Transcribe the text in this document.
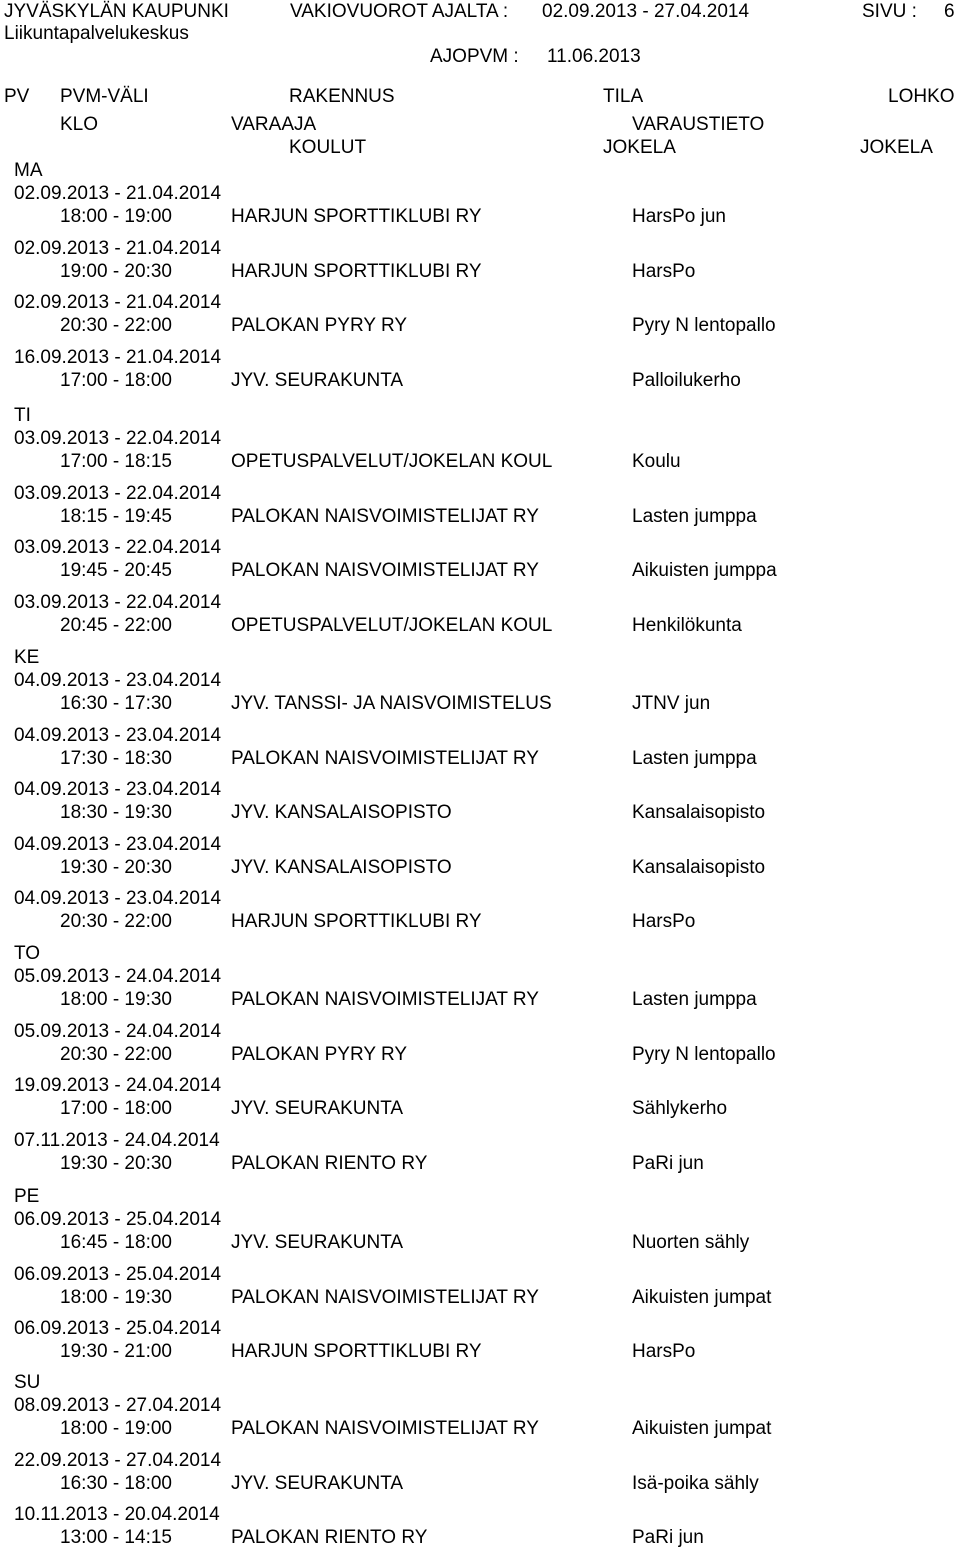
JYVÄSKYLÄN KAUPUNKI
Liikuntapalvelukeskus
VAKIOVUOROT AJALTA : 02.09.2013 - 27.04.2014	SIVU : 6
AJOPVM : 11.06.2013
PV PVM-VÄLI	RAKENNUS	TILA	LOHKO
KLO	VARAAJA	VARAUSTIETO
KOULUT	JOKELA	JOKELA
MA
02.09.2013 - 21.04.2014
18:00 - 19:00	HARJUN SPORTTIKLUBI RY	HarsPo jun
02.09.2013 - 21.04.2014
19:00 - 20:30	HARJUN SPORTTIKLUBI RY	HarsPo
02.09.2013 - 21.04.2014
20:30 - 22:00	PALOKAN PYRY RY	Pyry N lentopallo
16.09.2013 - 21.04.2014
17:00 - 18:00	JYV. SEURAKUNTA	Palloilukerho
TI
03.09.2013 - 22.04.2014
17:00 - 18:15	OPETUSPALVELUT/JOKELAN KOUL	Koulu
03.09.2013 - 22.04.2014
18:15 - 19:45	PALOKAN NAISVOIMISTELIJAT RY	Lasten jumppa
03.09.2013 - 22.04.2014
19:45 - 20:45	PALOKAN NAISVOIMISTELIJAT RY	Aikuisten jumppa
03.09.2013 - 22.04.2014
20:45 - 22:00	OPETUSPALVELUT/JOKELAN KOUL	Henkilökunta
KE
04.09.2013 - 23.04.2014
16:30 - 17:30	JYV. TANSSI- JA NAISVOIMISTELUS	JTNV jun
04.09.2013 - 23.04.2014
17:30 - 18:30	PALOKAN NAISVOIMISTELIJAT RY	Lasten jumppa
04.09.2013 - 23.04.2014
18:30 - 19:30	JYV. KANSALAISOPISTO	Kansalaisopisto
04.09.2013 - 23.04.2014
19:30 - 20:30	JYV. KANSALAISOPISTO	Kansalaisopisto
04.09.2013 - 23.04.2014
20:30 - 22:00	HARJUN SPORTTIKLUBI RY	HarsPo
TO
05.09.2013 - 24.04.2014
18:00 - 19:30	PALOKAN NAISVOIMISTELIJAT RY	Lasten jumppa
05.09.2013 - 24.04.2014
20:30 - 22:00	PALOKAN PYRY RY	Pyry N lentopallo
19.09.2013 - 24.04.2014
17:00 - 18:00	JYV. SEURAKUNTA	Sählykerho
07.11.2013 - 24.04.2014
19:30 - 20:30	PALOKAN RIENTO RY	PaRi jun
PE
06.09.2013 - 25.04.2014
16:45 - 18:00	JYV. SEURAKUNTA	Nuorten sähly
06.09.2013 - 25.04.2014
18:00 - 19:30	PALOKAN NAISVOIMISTELIJAT RY	Aikuisten jumpat
06.09.2013 - 25.04.2014
19:30 - 21:00	HARJUN SPORTTIKLUBI RY	HarsPo
SU
08.09.2013 - 27.04.2014
18:00 - 19:00	PALOKAN NAISVOIMISTELIJAT RY	Aikuisten jumpat
22.09.2013 - 27.04.2014
16:30 - 18:00	JYV. SEURAKUNTA	Isä-poika sähly
10.11.2013 - 20.04.2014
13:00 - 14:15	PALOKAN RIENTO RY	PaRi jun
